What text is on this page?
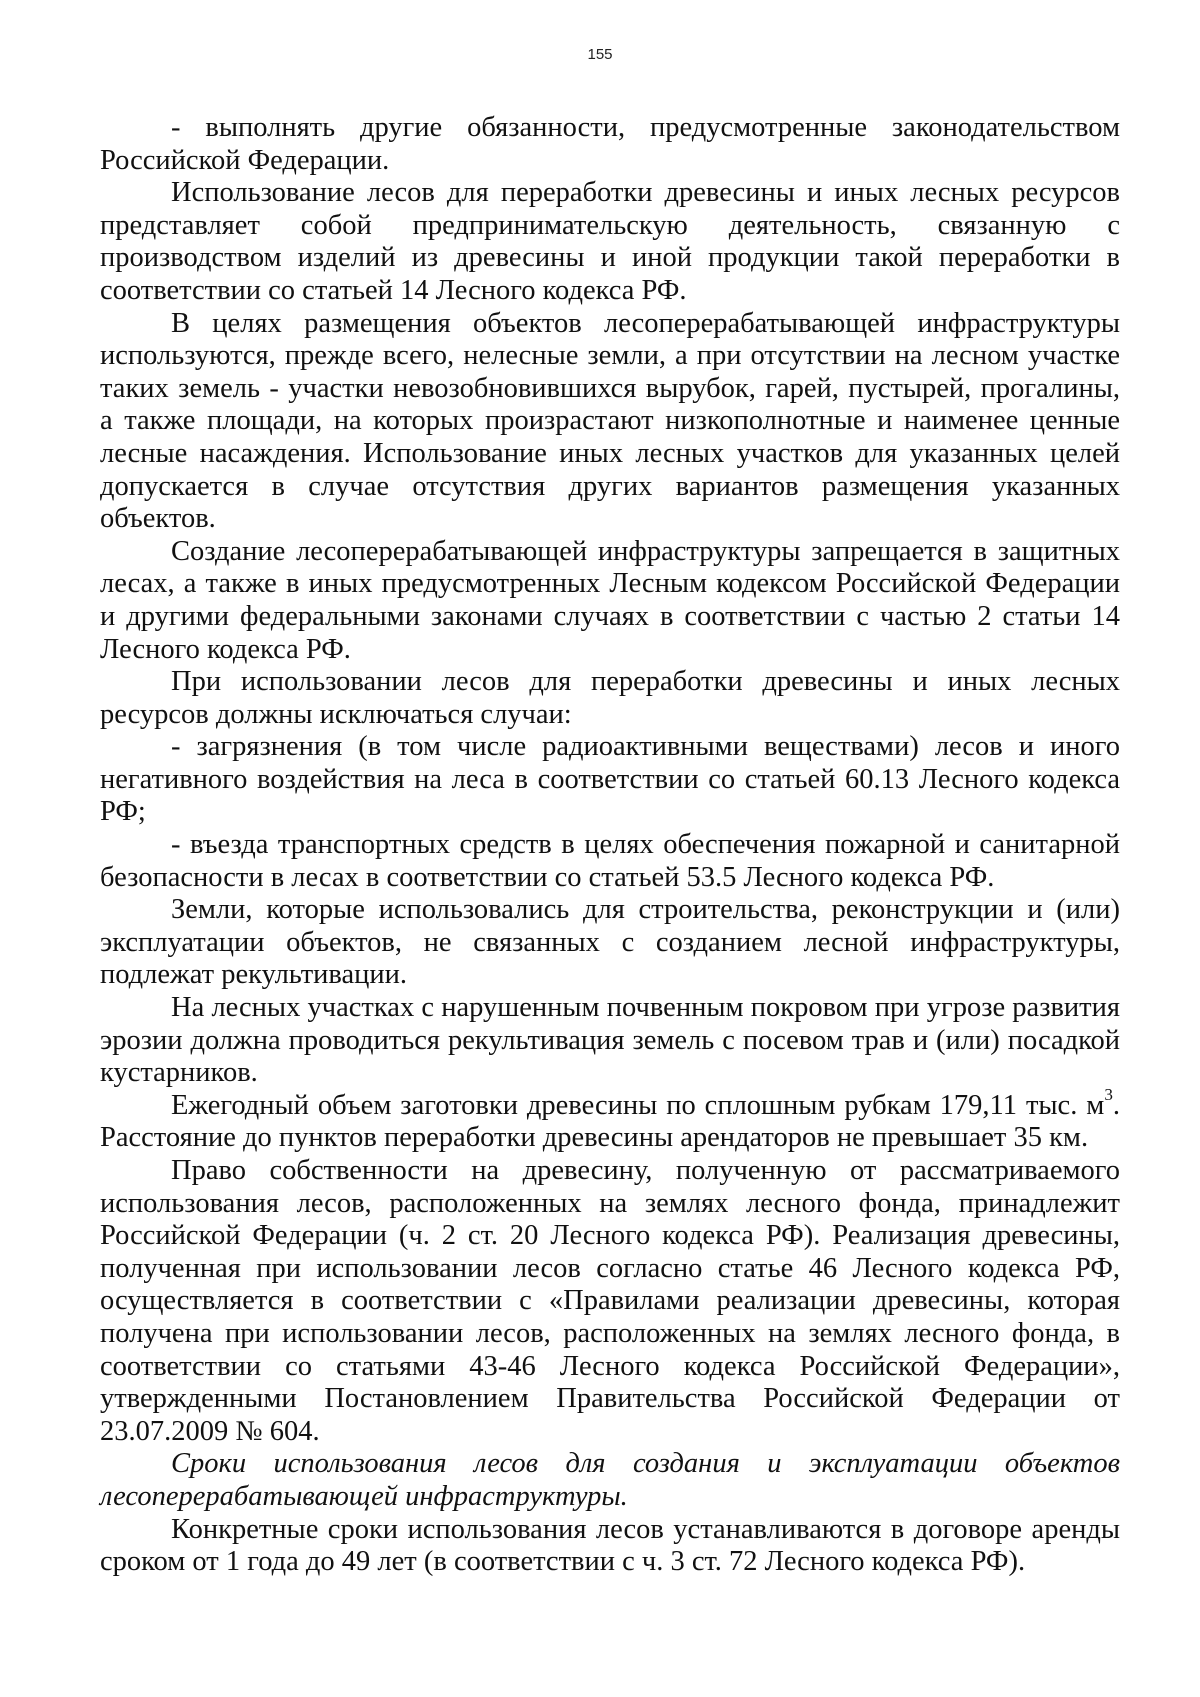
155

- выполнять другие обязанности, предусмотренные законодательством Российской Федерации.

Использование лесов для переработки древесины и иных лесных ресурсов представляет собой предпринимательскую деятельность, связанную с производством изделий из древесины и иной продукции такой переработки в соответствии со статьей 14 Лесного кодекса РФ.

В целях размещения объектов лесоперерабатывающей инфраструктуры используются, прежде всего, нелесные земли, а при отсутствии на лесном участке таких земель - участки невозобновившихся вырубок, гарей, пустырей, прогалины, а также площади, на которых произрастают низкополнотные и наименее ценные лесные насаждения. Использование иных лесных участков для указанных целей допускается в случае отсутствия других вариантов размещения указанных объектов.

Создание лесоперерабатывающей инфраструктуры запрещается в защитных лесах, а также в иных предусмотренных Лесным кодексом Российской Федерации и другими федеральными законами случаях в соответствии с частью 2 статьи 14 Лесного кодекса РФ.

При использовании лесов для переработки древесины и иных лесных ресурсов должны исключаться случаи:

- загрязнения (в том числе радиоактивными веществами) лесов и иного негативного воздействия на леса в соответствии со статьей 60.13 Лесного кодекса РФ;

- въезда транспортных средств в целях обеспечения пожарной и санитарной безопасности в лесах в соответствии со статьей 53.5 Лесного кодекса РФ.

Земли, которые использовались для строительства, реконструкции и (или) эксплуатации объектов, не связанных с созданием лесной инфраструктуры, подлежат рекультивации.

На лесных участках с нарушенным почвенным покровом при угрозе развития эрозии должна проводиться рекультивация земель с посевом трав и (или) посадкой кустарников.

Ежегодный объем заготовки древесины по сплошным рубкам 179,11 тыс. $м^3$. Расстояние до пунктов переработки древесины арендаторов не превышает 35 км.

Право собственности на древесину, полученную от рассматриваемого использования лесов, расположенных на землях лесного фонда, принадлежит Российской Федерации (ч. 2 ст. 20 Лесного кодекса РФ). Реализация древесины, полученная при использовании лесов согласно статье 46 Лесного кодекса РФ, осуществляется в соответствии с «Правилами реализации древесины, которая получена при использовании лесов, расположенных на землях лесного фонда, в соответствии со статьями 43-46 Лесного кодекса Российской Федерации», утвержденными Постановлением Правительства Российской Федерации от 23.07.2009 № 604.

Сроки использования лесов для создания и эксплуатации объектов лесоперерабатывающей инфраструктуры.

Конкретные сроки использования лесов устанавливаются в договоре аренды сроком от 1 года до 49 лет (в соответствии с ч. 3 ст. 72 Лесного кодекса РФ).
